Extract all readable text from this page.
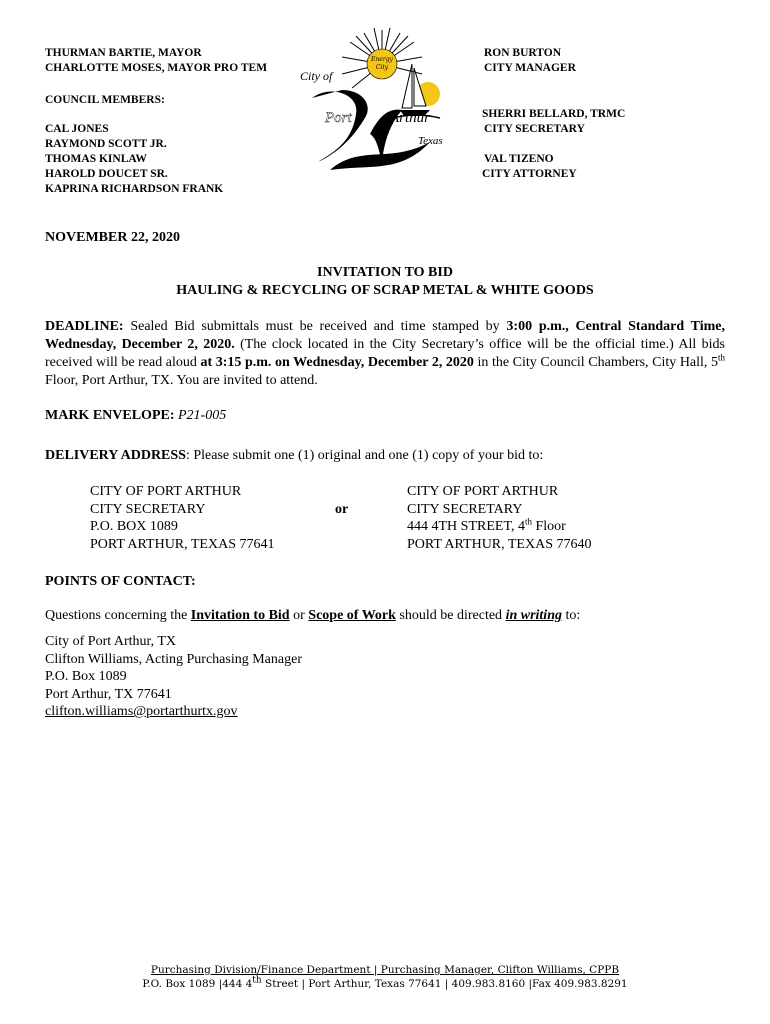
THURMAN BARTIE, MAYOR
CHARLOTTE MOSES, MAYOR PRO TEM
COUNCIL MEMBERS:
CAL JONES
RAYMOND SCOTT JR.
THOMAS KINLAW
HAROLD DOUCET SR.
KAPRINA RICHARDSON FRANK
Energy
City
City of
Port	Arthur
Texas
RON BURTON
CITY MANAGER
SHERRI BELLARD, TRMC
CITY SECRETARY
VAL TIZENO
CITY ATTORNEY
NOVEMBER 22, 2020
INVITATION TO BID
HAULING & RECYCLING OF SCRAP METAL & WHITE GOODS
DEADLINE: Sealed Bid submittals must be received and time stamped by 3:00 p.m., Central Standard Time, Wednesday, December 2, 2020. (The clock located in the City Secretary’s office will be the official time.) All bids received will be read aloud at 3:15 p.m. on Wednesday, December 2, 2020 in the City Council Chambers, City Hall, 5th Floor, Port Arthur, TX. You are invited to attend.
MARK ENVELOPE: P21-005
DELIVERY ADDRESS: Please submit one (1) original and one (1) copy of your bid to:
CITY OF PORT ARTHUR
CITY SECRETARY
P.O. BOX 1089
PORT ARTHUR, TEXAS 77641
or
CITY OF PORT ARTHUR
CITY SECRETARY
444 4TH STREET, 4th Floor
PORT ARTHUR, TEXAS 77640
POINTS OF CONTACT:
Questions concerning the Invitation to Bid or Scope of Work should be directed in writing to:
City of Port Arthur, TX
Clifton Williams, Acting Purchasing Manager
P.O. Box 1089
Port Arthur, TX 77641
clifton.williams@portarthurtx.gov
Purchasing Division/Finance Department | Purchasing Manager, Clifton Williams, CPPB
P.O. Box 1089 |444 4th Street | Port Arthur, Texas 77641 | 409.983.8160 |Fax 409.983.8291
